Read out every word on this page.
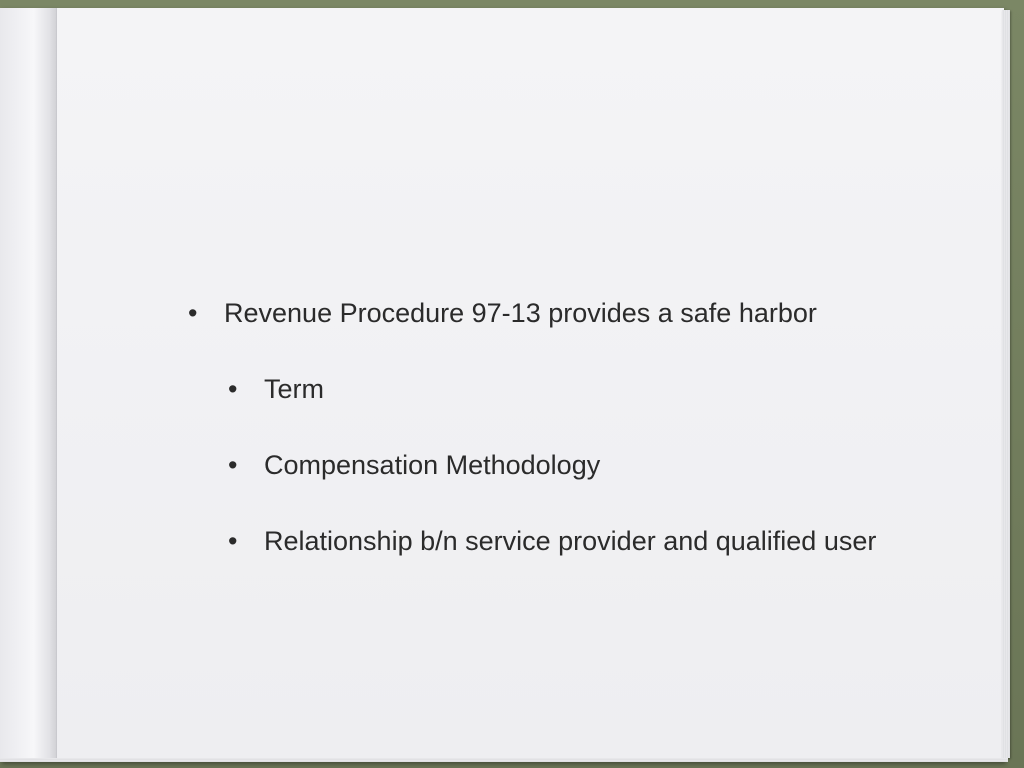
• Revenue Procedure 97-13 provides a safe harbor

• Term

• Compensation Methodology

• Relationship b/n service provider and qualified user
